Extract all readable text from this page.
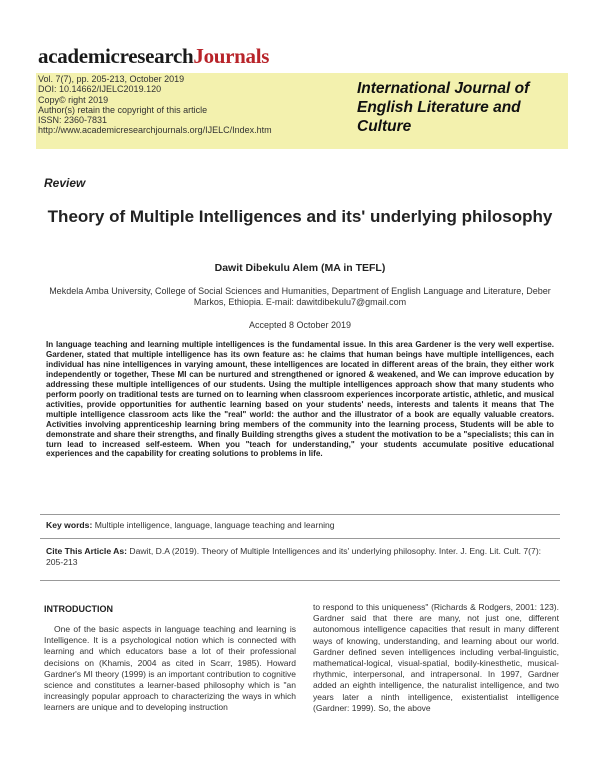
academicresearchJournals
Vol. 7(7), pp. 205-213, October 2019
DOI: 10.14662/IJELC2019.120
Copy© right 2019
Author(s) retain the copyright of this article
ISSN: 2360-7831
http://www.academicresearchjournals.org/IJELC/Index.htm
International Journal of English Literature and Culture
Review
Theory of Multiple Intelligences and its' underlying philosophy
Dawit Dibekulu Alem (MA in TEFL)
Mekdela Amba University, College of Social Sciences and Humanities, Department of English Language and Literature, Deber Markos, Ethiopia. E-mail: dawitdibekulu7@gmail.com
Accepted 8 October 2019
In language teaching and learning multiple intelligences is the fundamental issue. In this area Gardener is the very well expertise. Gardener, stated that multiple intelligence has its own feature as: he claims that human beings have multiple intelligences, each individual has nine intelligences in varying amount, these intelligences are located in different areas of the brain, they either work independently or together, These MI can be nurtured and strengthened or ignored & weakened, and We can improve education by addressing these multiple intelligences of our students. Using the multiple intelligences approach show that many students who perform poorly on traditional tests are turned on to learning when classroom experiences incorporate artistic, athletic, and musical activities, provide opportunities for authentic learning based on your students' needs, interests and talents it means that The multiple intelligence classroom acts like the "real" world: the author and the illustrator of a book are equally valuable creators. Activities involving apprenticeship learning bring members of the community into the learning process, Students will be able to demonstrate and share their strengths, and finally Building strengths gives a student the motivation to be a "specialists; this can in turn lead to increased self-esteem. When you "teach for understanding," your students accumulate positive educational experiences and the capability for creating solutions to problems in life.
Key words: Multiple intelligence, language, language teaching and learning
Cite This Article As: Dawit, D.A (2019). Theory of Multiple Intelligences and its' underlying philosophy. Inter. J. Eng. Lit. Cult. 7(7): 205-213
INTRODUCTION
One of the basic aspects in language teaching and learning is Intelligence. It is a psychological notion which is connected with learning and which educators base a lot of their professional decisions on (Khamis, 2004 as cited in Scarr, 1985). Howard Gardner's MI theory (1999) is an important contribution to cognitive science and constitutes a learner-based philosophy which is "an increasingly popular approach to characterizing the ways in which learners are unique and to developing instruction
to respond to this uniqueness" (Richards & Rodgers, 2001: 123). Gardner said that there are many, not just one, different autonomous intelligence capacities that result in many different ways of knowing, understanding, and learning about our world. Gardner defined seven intelligences including verbal-linguistic, mathematical-logical, visual-spatial, bodily-kinesthetic, musical-rhythmic, interpersonal, and intrapersonal. In 1997, Gardner added an eighth intelligence, the naturalist intelligence, and two years later a ninth intelligence, existentialist intelligence (Gardner: 1999). So, the above
